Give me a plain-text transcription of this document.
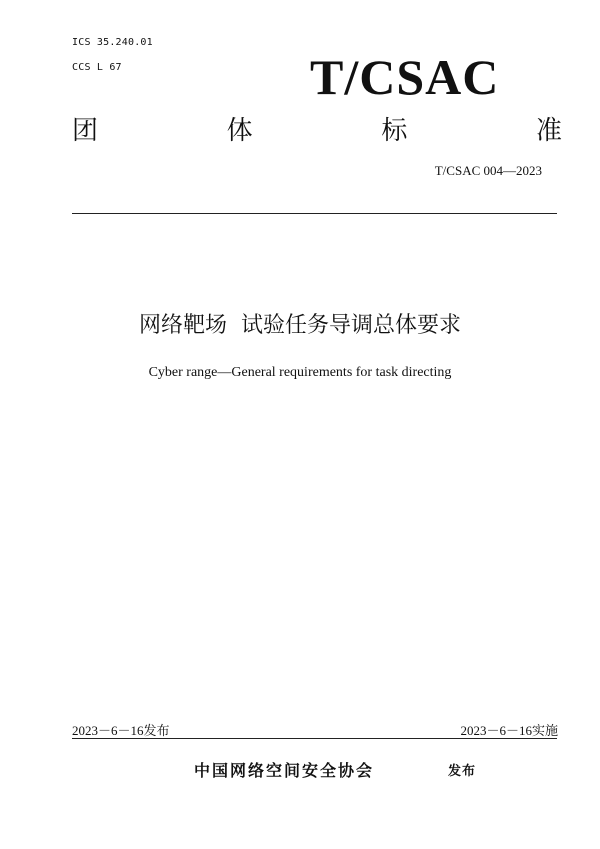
ICS 35.240.01
CCS L 67	T/CSAC
团	体	标	准
T/CSAC 004—2023
网络靶场  试验任务导调总体要求
Cyber range—General requirements for task directing
2023－6－16发布	2023－6－16实施
中国网络空间安全协会	发布
